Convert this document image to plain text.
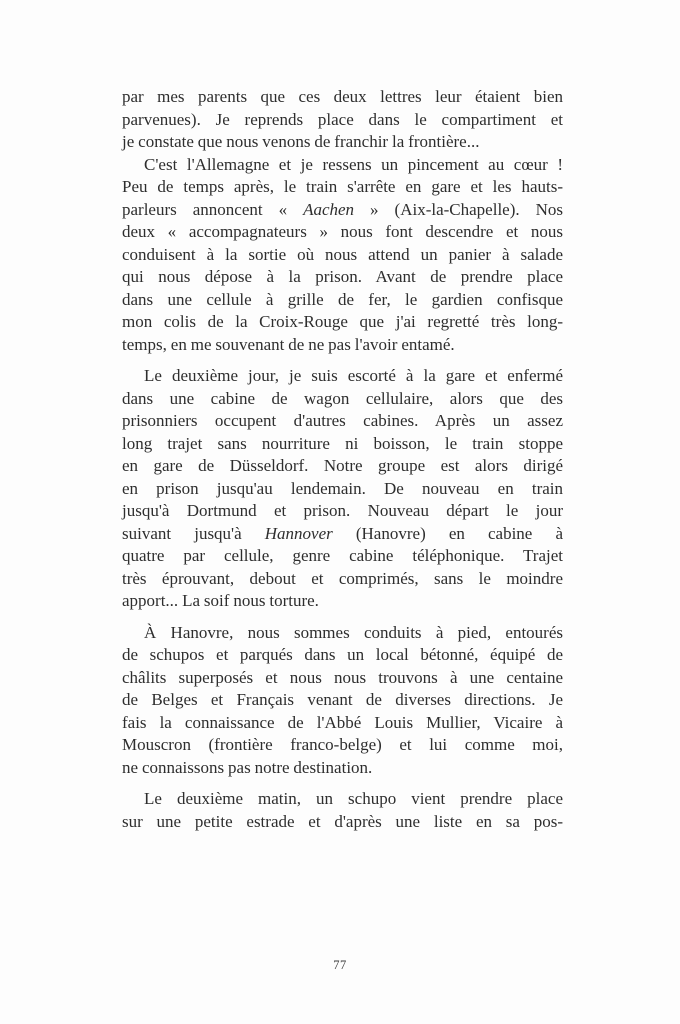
par mes parents que ces deux lettres leur étaient bien
parvenues). Je reprends place dans le compartiment et
je constate que nous venons de franchir la frontière...
C'est l'Allemagne et je ressens un pincement au cœur !
Peu de temps après, le train s'arrête en gare et les hauts-
parleurs annoncent « Aachen » (Aix-la-Chapelle). Nos
deux « accompagnateurs » nous font descendre et nous
conduisent à la sortie où nous attend un panier à salade
qui nous dépose à la prison. Avant de prendre place
dans une cellule à grille de fer, le gardien confisque
mon colis de la Croix-Rouge que j'ai regretté très long-
temps, en me souvenant de ne pas l'avoir entamé.
Le deuxième jour, je suis escorté à la gare et enfermé
dans une cabine de wagon cellulaire, alors que des
prisonniers occupent d'autres cabines. Après un assez
long trajet sans nourriture ni boisson, le train stoppe
en gare de Düsseldorf. Notre groupe est alors dirigé
en prison jusqu'au lendemain. De nouveau en train
jusqu'à Dortmund et prison. Nouveau départ le jour
suivant jusqu'à Hannover (Hanovre) en cabine à
quatre par cellule, genre cabine téléphonique. Trajet
très éprouvant, debout et comprimés, sans le moindre
apport... La soif nous torture.
À Hanovre, nous sommes conduits à pied, entourés
de schupos et parqués dans un local bétonné, équipé de
châlits superposés et nous nous trouvons à une centaine
de Belges et Français venant de diverses directions. Je
fais la connaissance de l'Abbé Louis Mullier, Vicaire à
Mouscron (frontière franco-belge) et lui comme moi,
ne connaissons pas notre destination.
Le deuxième matin, un schupo vient prendre place
sur une petite estrade et d'après une liste en sa pos-
77
